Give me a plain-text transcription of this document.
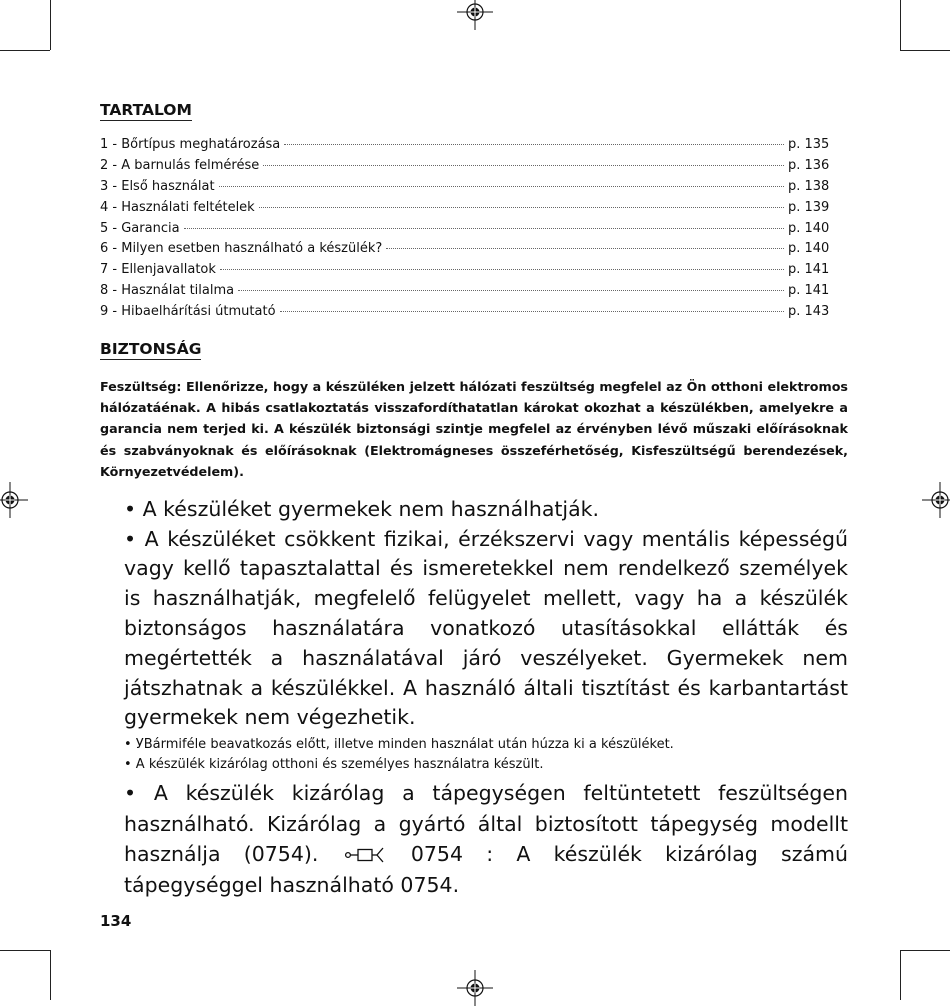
TARTALOM
1 - Bőrtípus meghatározása	p. 135
2 - A barnulás felmérése	p. 136
3 - Első használat	p. 138
4 - Használati feltételek	p. 139
5 - Garancia	p. 140
6 - Milyen esetben használható a készülék?	p. 140
7 - Ellenjavallatok	p. 141
8 - Használat tilalma	p. 141
9 - Hibaelhárítási útmutató	p. 143
BIZTONSÁG

Feszültség: Ellenőrizze, hogy a készüléken jelzett hálózati feszültség megfelel az Ön otthoni elektromos hálózatáénak. A hibás csatlakoztatás visszafordíthatatlan károkat okozhat a készülékben, amelyekre a garancia nem terjed ki. A készülék biztonsági szintje megfelel az érvényben lévő műszaki előírásoknak és szabványoknak és előírásoknak (Elektromágneses összeférhetőség, Kisfeszültségű berendezések, Környezetvédelem).

• A készüléket gyermekek nem használhatják.

• A készüléket csökkent fizikai, érzékszervi vagy mentális képességű vagy kellő tapasztalattal és ismeretekkel nem rendelkező személyek is használhatják, megfelelő felügyelet mellett, vagy ha a készülék biztonságos használatára vonatkozó utasításokkal ellátták és megértették a használatával járó veszélyeket. Gyermekek nem játszhatnak a készülékkel. A használó általi tisztítást és karbantartást gyermekek nem végezhetik.

• УBármiféle beavatkozás előtt, illetve minden használat után húzza ki a készüléket.

• A készülék kizárólag otthoni és személyes használatra készült.

• A készülék kizárólag a tápegységen feltüntetett feszültségen használható. Kizárólag a gyártó által biztosított tápegység modellt használja (0754).	0754 : A készülék kizárólag számú tápegységgel használható 0754.

134
